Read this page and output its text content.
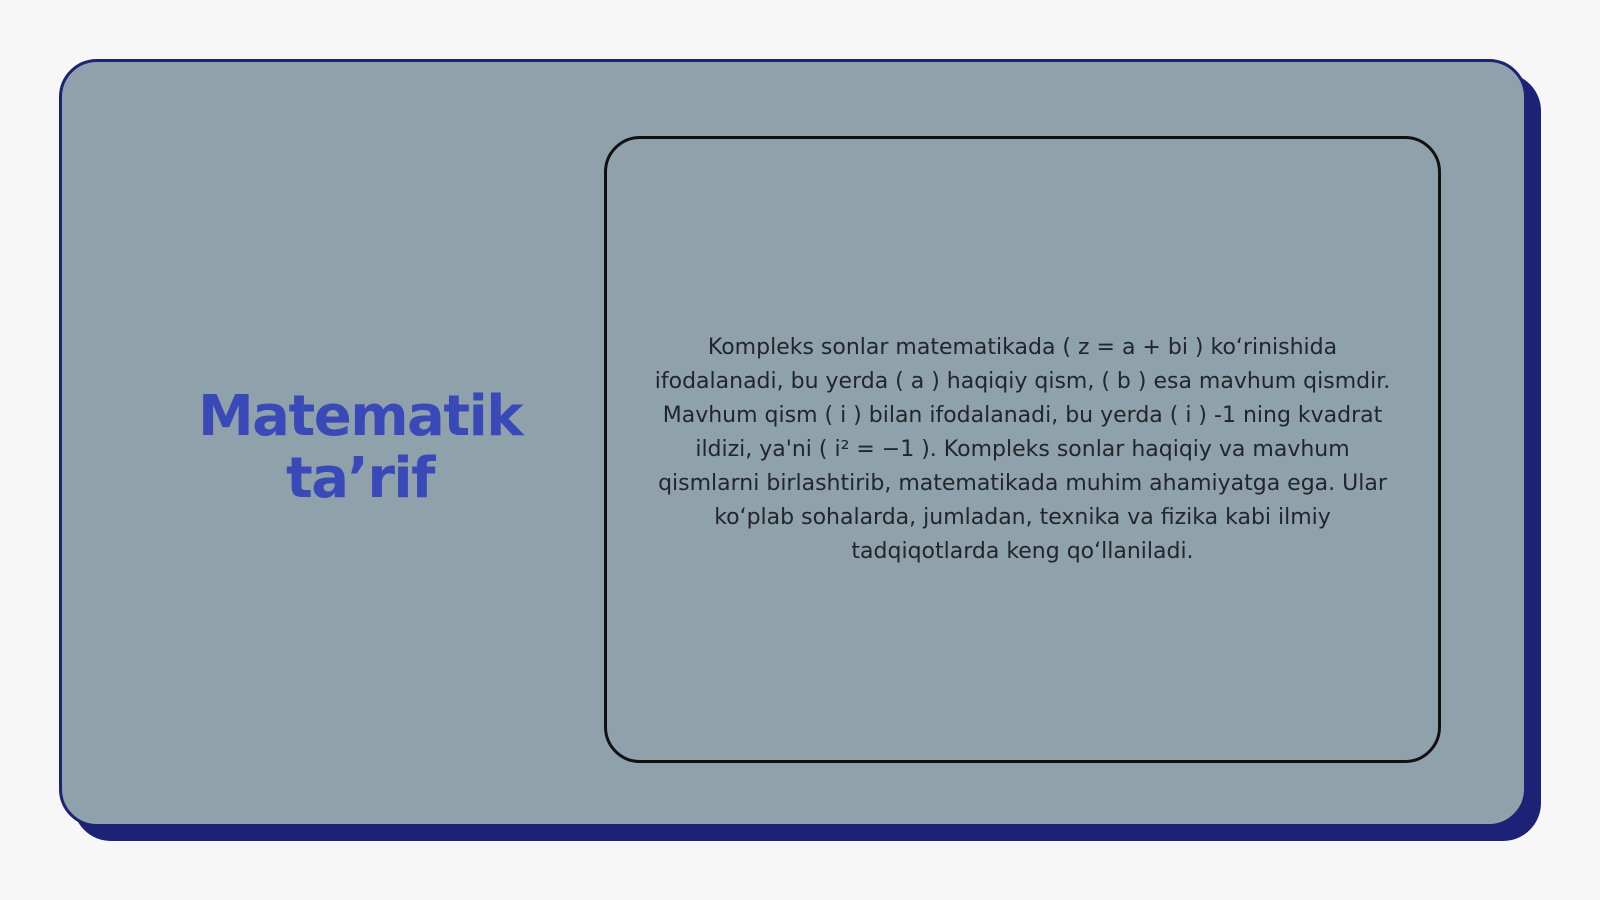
Matematik ta’rif

Kompleks sonlar matematikada ( z = a + bi ) ko‘rinishida ifodalanadi, bu yerda ( a ) haqiqiy qism, ( b ) esa mavhum qismdir. Mavhum qism ( i ) bilan ifodalanadi, bu yerda ( i ) -1 ning kvadrat ildizi, ya'ni ( i² = −1 ). Kompleks sonlar haqiqiy va mavhum qismlarni birlashtirib, matematikada muhim ahamiyatga ega. Ular ko‘plab sohalarda, jumladan, texnika va fizika kabi ilmiy tadqiqotlarda keng qo‘llaniladi.
